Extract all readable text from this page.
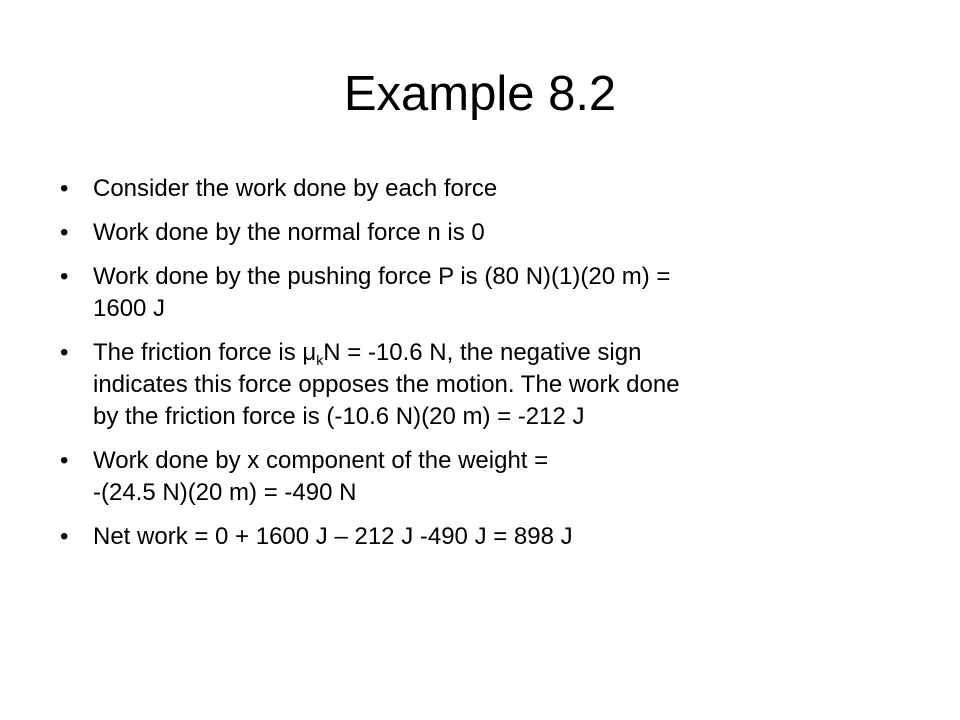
Example 8.2
• Consider the work done by each force
• Work done by the normal force n is 0
• Work done by the pushing force P is (80 N)(1)(20 m) =
1600 J
• The friction force is $\mu_kN = -10.6$ N, the negative sign
indicates this force opposes the motion. The work done
by the friction force is (-10.6 N)(20 m) = -212 J
• Work done by x component of the weight =
-(24.5 N)(20 m) = -490 N
• Net work = 0 + 1600 J – 212 J -490 J = 898 J
